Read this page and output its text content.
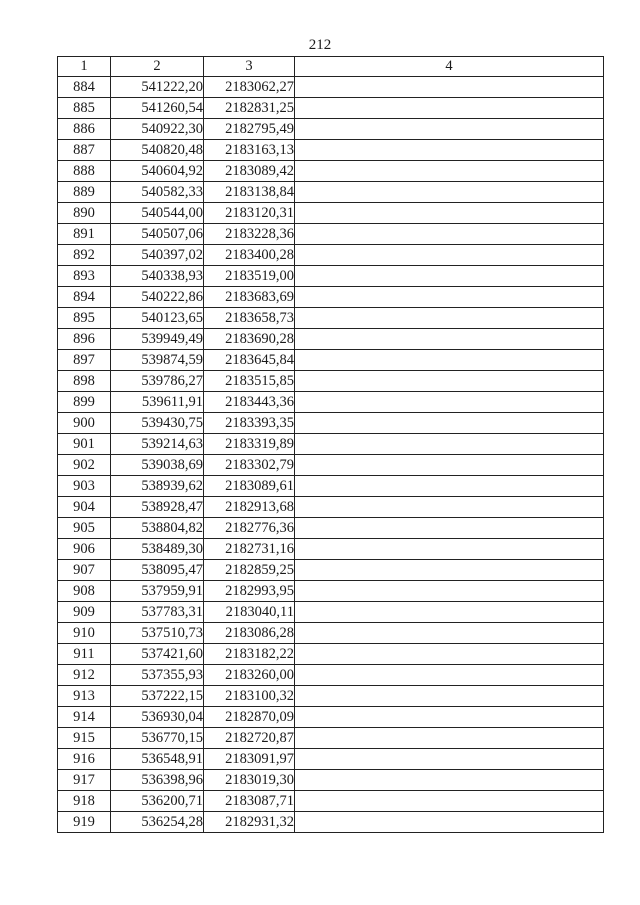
212
1	2	3	4
884	541222,20	2183062,27	
885	541260,54	2182831,25	
886	540922,30	2182795,49	
887	540820,48	2183163,13	
888	540604,92	2183089,42	
889	540582,33	2183138,84	
890	540544,00	2183120,31	
891	540507,06	2183228,36	
892	540397,02	2183400,28	
893	540338,93	2183519,00	
894	540222,86	2183683,69	
895	540123,65	2183658,73	
896	539949,49	2183690,28	
897	539874,59	2183645,84	
898	539786,27	2183515,85	
899	539611,91	2183443,36	
900	539430,75	2183393,35	
901	539214,63	2183319,89	
902	539038,69	2183302,79	
903	538939,62	2183089,61	
904	538928,47	2182913,68	
905	538804,82	2182776,36	
906	538489,30	2182731,16	
907	538095,47	2182859,25	
908	537959,91	2182993,95	
909	537783,31	2183040,11	
910	537510,73	2183086,28	
911	537421,60	2183182,22	
912	537355,93	2183260,00	
913	537222,15	2183100,32	
914	536930,04	2182870,09	
915	536770,15	2182720,87	
916	536548,91	2183091,97	
917	536398,96	2183019,30	
918	536200,71	2183087,71	
919	536254,28	2182931,32	
